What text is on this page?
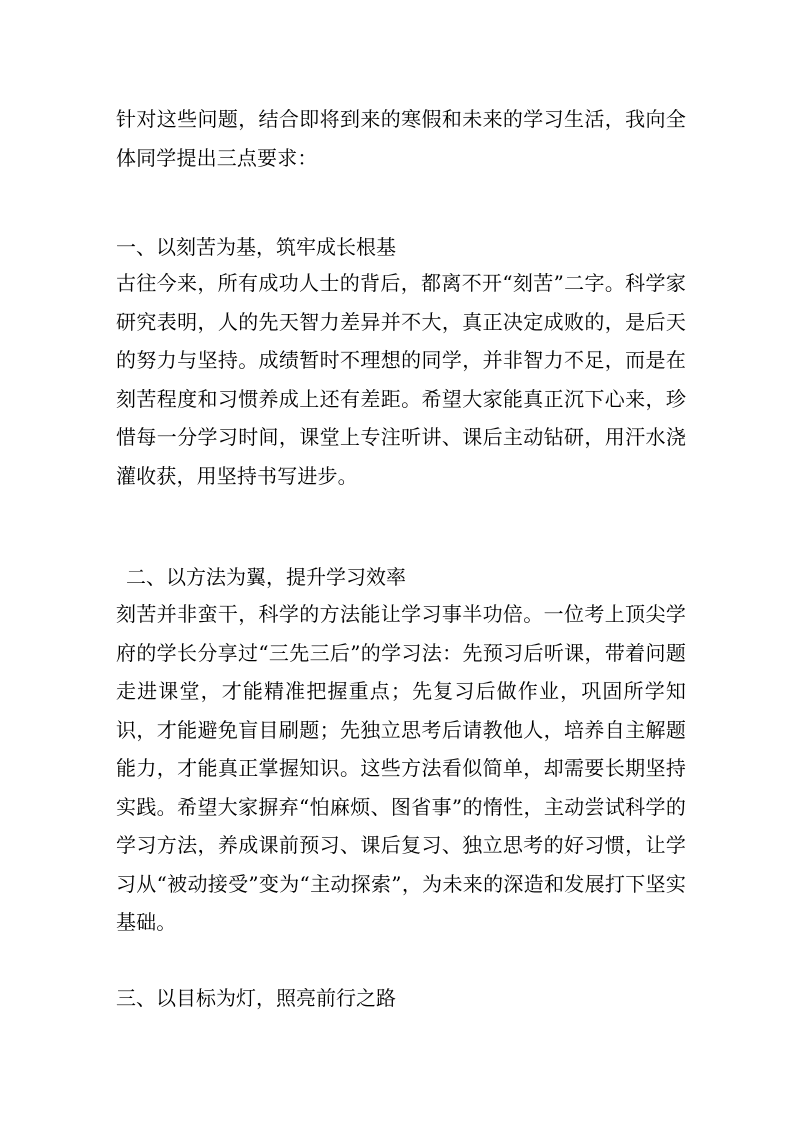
针对这些问题，结合即将到来的寒假和未来的学习生活，我向全体同学提出三点要求：

一、以刻苦为基，筑牢成长根基

古往今来，所有成功人士的背后，都离不开“刻苦”二字。科学家研究表明，人的先天智力差异并不大，真正决定成败的，是后天的努力与坚持。成绩暂时不理想的同学，并非智力不足，而是在刻苦程度和习惯养成上还有差距。希望大家能真正沉下心来，珍惜每一分学习时间，课堂上专注听讲、课后主动钻研，用汗水浇灌收获，用坚持书写进步。

二、以方法为翼，提升学习效率

刻苦并非蛮干，科学的方法能让学习事半功倍。一位考上顶尖学府的学长分享过“三先三后”的学习法：先预习后听课，带着问题走进课堂，才能精准把握重点；先复习后做作业，巩固所学知识，才能避免盲目刷题；先独立思考后请教他人，培养自主解题能力，才能真正掌握知识。这些方法看似简单，却需要长期坚持实践。希望大家摒弃“怕麻烦、图省事”的惰性，主动尝试科学的学习方法，养成课前预习、课后复习、独立思考的好习惯，让学习从“被动接受”变为“主动探索”，为未来的深造和发展打下坚实基础。

三、以目标为灯，照亮前行之路
